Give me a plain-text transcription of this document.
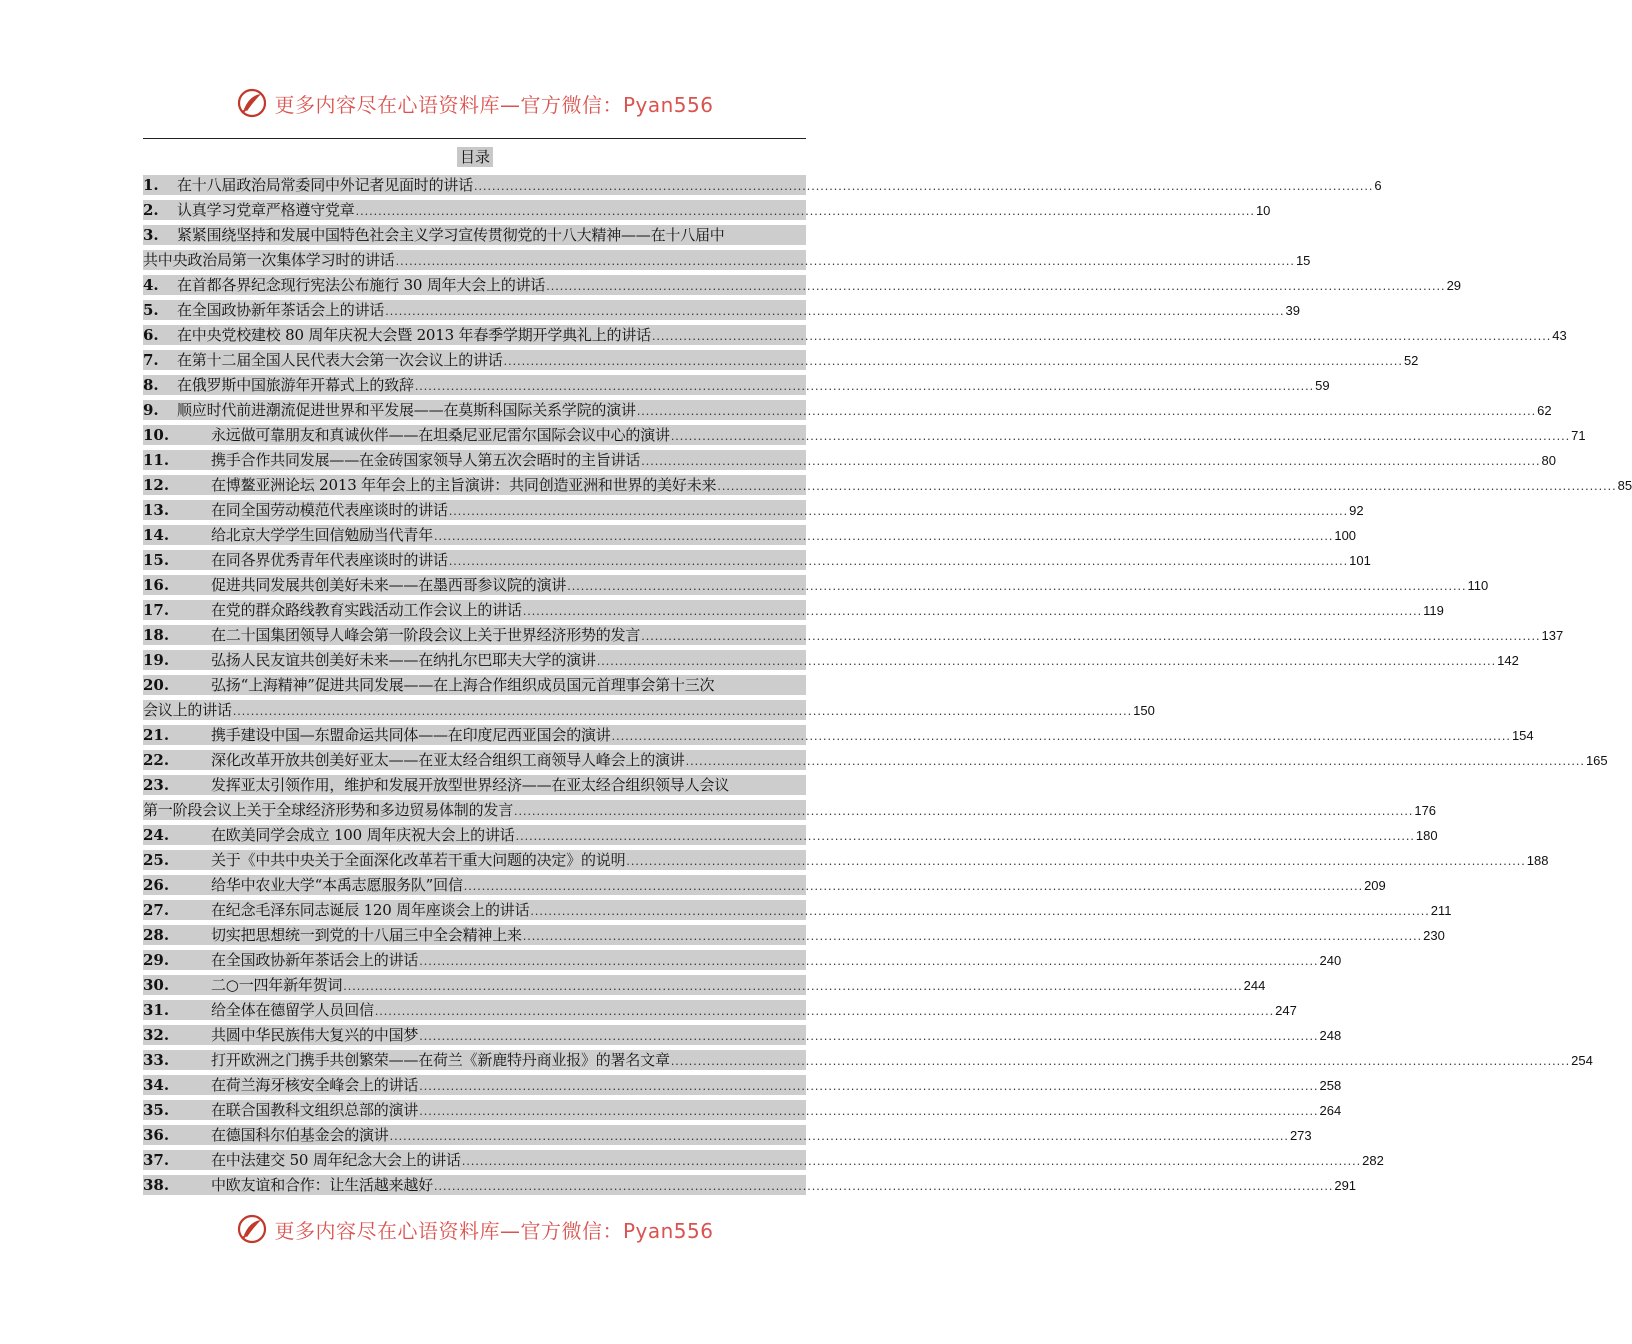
更多内容尽在心语资料库—官方微信：Pyan556
目录
1.	在十八届政治局常委同中外记者见面时的讲话 ........................................................................................................................................................................................................ 6
2.	认真学习党章严格遵守党章 ........................................................................................................................................................................................................ 10
3.	紧紧围绕坚持和发展中国特色社会主义学习宣传贯彻党的十八大精神——在十八届中
共中央政治局第一次集体学习时的讲话 ........................................................................................................................................................................................................ 15
4.	在首都各界纪念现行宪法公布施行 30 周年大会上的讲话 ........................................................................................................................................................................................................ 29
5.	在全国政协新年茶话会上的讲话 ........................................................................................................................................................................................................ 39
6.	在中央党校建校 80 周年庆祝大会暨 2013 年春季学期开学典礼上的讲话 ........................................................................................................................................................................................................ 43
7.	在第十二届全国人民代表大会第一次会议上的讲话 ........................................................................................................................................................................................................ 52
8.	在俄罗斯中国旅游年开幕式上的致辞 ........................................................................................................................................................................................................ 59
9.	顺应时代前进潮流促进世界和平发展——在莫斯科国际关系学院的演讲 ........................................................................................................................................................................................................ 62
10.	永远做可靠朋友和真诚伙伴——在坦桑尼亚尼雷尔国际会议中心的演讲 ........................................................................................................................................................................................................ 71
11.	携手合作共同发展——在金砖国家领导人第五次会晤时的主旨讲话 ........................................................................................................................................................................................................ 80
12.	在博鳌亚洲论坛 2013 年年会上的主旨演讲：共同创造亚洲和世界的美好未来 ........................................................................................................................................................................................................ 85
13.	在同全国劳动模范代表座谈时的讲话 ........................................................................................................................................................................................................ 92
14.	给北京大学学生回信勉励当代青年 ........................................................................................................................................................................................................ 100
15.	在同各界优秀青年代表座谈时的讲话 ........................................................................................................................................................................................................ 101
16.	促进共同发展共创美好未来——在墨西哥参议院的演讲 ........................................................................................................................................................................................................ 110
17.	在党的群众路线教育实践活动工作会议上的讲话 ........................................................................................................................................................................................................ 119
18.	在二十国集团领导人峰会第一阶段会议上关于世界经济形势的发言 ........................................................................................................................................................................................................ 137
19.	弘扬人民友谊共创美好未来——在纳扎尔巴耶夫大学的演讲 ........................................................................................................................................................................................................ 142
20.	弘扬“上海精神”促进共同发展——在上海合作组织成员国元首理事会第十三次
会议上的讲话 ........................................................................................................................................................................................................ 150
21.	携手建设中国—东盟命运共同体——在印度尼西亚国会的演讲 ........................................................................................................................................................................................................ 154
22.	深化改革开放共创美好亚太——在亚太经合组织工商领导人峰会上的演讲 ........................................................................................................................................................................................................ 165
23.	发挥亚太引领作用，维护和发展开放型世界经济——在亚太经合组织领导人会议
第一阶段会议上关于全球经济形势和多边贸易体制的发言 ........................................................................................................................................................................................................ 176
24.	在欧美同学会成立 100 周年庆祝大会上的讲话 ........................................................................................................................................................................................................ 180
25.	关于《中共中央关于全面深化改革若干重大问题的决定》的说明 ........................................................................................................................................................................................................ 188
26.	给华中农业大学“本禹志愿服务队”回信 ........................................................................................................................................................................................................ 209
27.	在纪念毛泽东同志诞辰 120 周年座谈会上的讲话 ........................................................................................................................................................................................................ 211
28.	切实把思想统一到党的十八届三中全会精神上来 ........................................................................................................................................................................................................ 230
29.	在全国政协新年茶话会上的讲话 ........................................................................................................................................................................................................ 240
30.	二○一四年新年贺词 ........................................................................................................................................................................................................ 244
31.	给全体在德留学人员回信 ........................................................................................................................................................................................................ 247
32.	共圆中华民族伟大复兴的中国梦 ........................................................................................................................................................................................................ 248
33.	打开欧洲之门携手共创繁荣——在荷兰《新鹿特丹商业报》的署名文章 ........................................................................................................................................................................................................ 254
34.	在荷兰海牙核安全峰会上的讲话 ........................................................................................................................................................................................................ 258
35.	在联合国教科文组织总部的演讲 ........................................................................................................................................................................................................ 264
36.	在德国科尔伯基金会的演讲 ........................................................................................................................................................................................................ 273
37.	在中法建交 50 周年纪念大会上的讲话 ........................................................................................................................................................................................................ 282
38.	中欧友谊和合作：让生活越来越好 ........................................................................................................................................................................................................ 291
更多内容尽在心语资料库—官方微信：Pyan556
